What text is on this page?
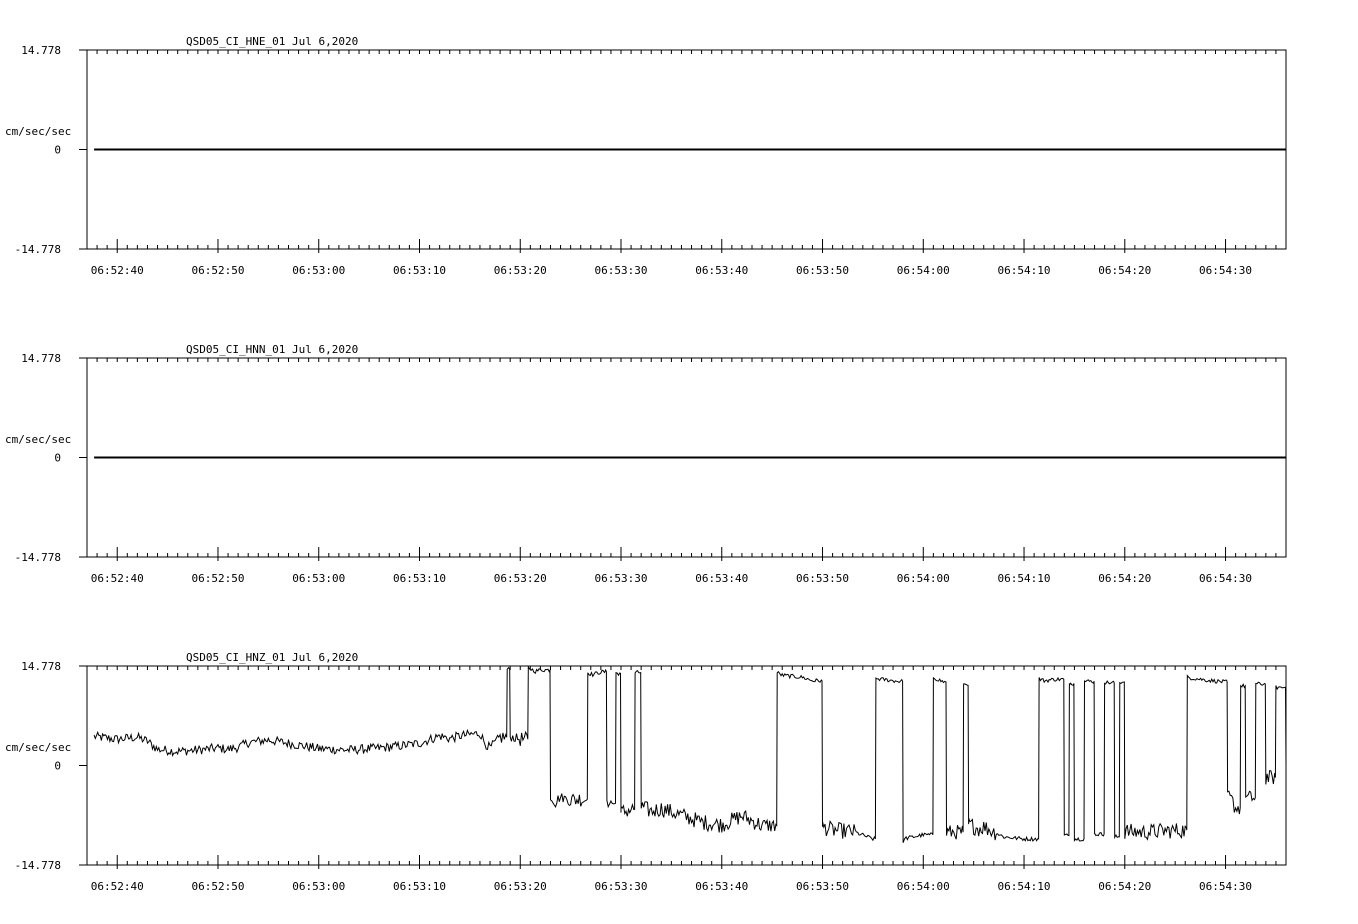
QSD05_CI_HNE_01 Jul 6,2020
cm/sec/sec
14.778
0
-14.778
06:52:40	06:52:50	06:53:00	06:53:10	06:53:20	06:53:30	06:53:40	06:53:50	06:54:00	06:54:10	06:54:20	06:54:30
QSD05_CI_HNN_01 Jul 6,2020
cm/sec/sec
14.778
0
-14.778
06:52:40	06:52:50	06:53:00	06:53:10	06:53:20	06:53:30	06:53:40	06:53:50	06:54:00	06:54:10	06:54:20	06:54:30
QSD05_CI_HNZ_01 Jul 6,2020
cm/sec/sec
14.778
0
-14.778
06:52:40	06:52:50	06:53:00	06:53:10	06:53:20	06:53:30	06:53:40	06:53:50	06:54:00	06:54:10	06:54:20	06:54:30
